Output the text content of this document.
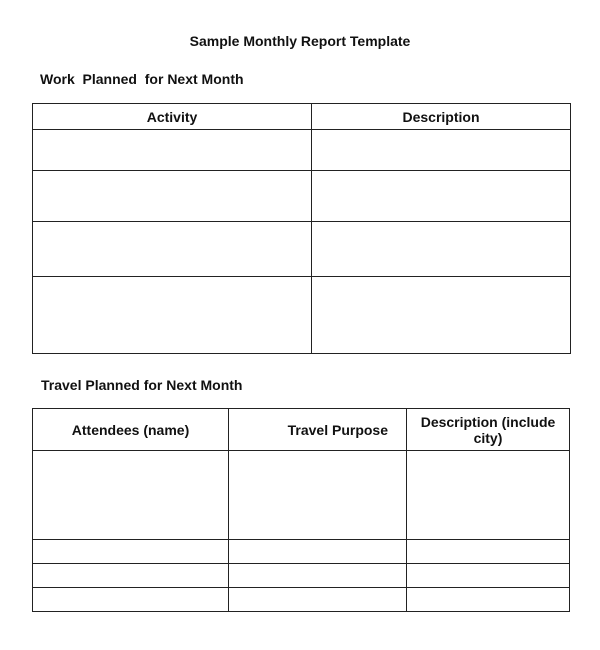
Sample Monthly Report Template
Work  Planned  for Next Month
Activity	Description

Travel Planned for Next Month
Attendees (name)	Travel Purpose	Description (include city)
